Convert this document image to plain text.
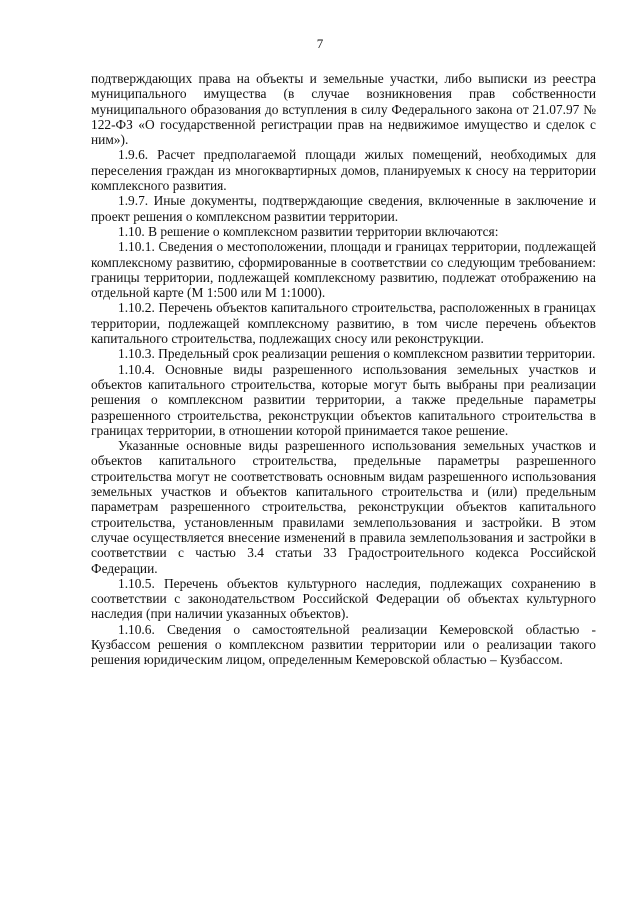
7

подтверждающих права на объекты и земельные участки, либо выписки из реестра муниципального имущества (в случае возникновения прав собственности муниципального образования до вступления в силу Федерального закона от 21.07.97 № 122-ФЗ «О государственной регистрации прав на недвижимое имущество и сделок с ним»).

1.9.6. Расчет предполагаемой площади жилых помещений, необходимых для переселения граждан из многоквартирных домов, планируемых к сносу на территории комплексного развития.

1.9.7. Иные документы, подтверждающие сведения, включенные в заключение и проект решения о комплексном развитии территории.

1.10. В решение о комплексном развитии территории включаются:

1.10.1. Сведения о местоположении, площади и границах территории, подлежащей комплексному развитию, сформированные в соответствии со следующим требованием: границы территории, подлежащей комплексному развитию, подлежат отображению на отдельной карте (М 1:500 или М 1:1000).

1.10.2. Перечень объектов капитального строительства, расположенных в границах территории, подлежащей комплексному развитию, в том числе перечень объектов капитального строительства, подлежащих сносу или реконструкции.

1.10.3. Предельный срок реализации решения о комплексном развитии территории.

1.10.4. Основные виды разрешенного использования земельных участков и объектов капитального строительства, которые могут быть выбраны при реализации решения о комплексном развитии территории, а также предельные параметры разрешенного строительства, реконструкции объектов капитального строительства в границах территории, в отношении которой принимается такое решение.

Указанные основные виды разрешенного использования земельных участков и объектов капитального строительства, предельные параметры разрешенного строительства могут не соответствовать основным видам разрешенного использования земельных участков и объектов капитального строительства и (или) предельным параметрам разрешенного строительства, реконструкции объектов капитального строительства, установленным правилами землепользования и застройки. В этом случае осуществляется внесение изменений в правила землепользования и застройки в соответствии с частью 3.4 статьи 33 Градостроительного кодекса Российской Федерации.

1.10.5. Перечень объектов культурного наследия, подлежащих сохранению в соответствии с законодательством Российской Федерации об объектах культурного наследия (при наличии указанных объектов).

1.10.6. Сведения о самостоятельной реализации Кемеровской областью - Кузбассом решения о комплексном развитии территории или о реализации такого решения юридическим лицом, определенным Кемеровской областью – Кузбассом.
